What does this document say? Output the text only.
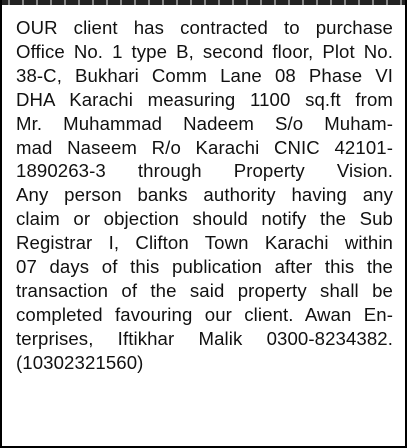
OUR client has contracted to purchase
Office No. 1 type B, second floor, Plot No.
38-C, Bukhari Comm Lane 08 Phase VI
DHA Karachi measuring 1100 sq.ft from
Mr. Muhammad Nadeem S/o Muham-
mad Naseem R/o Karachi CNIC 42101-
1890263-3 through Property Vision.
Any person banks authority having any
claim or objection should notify the Sub
Registrar I, Clifton Town Karachi within
07 days of this publication after this the
transaction of the said property shall be
completed favouring our client. Awan En-
terprises, Iftikhar Malik 0300-8234382.
(10302321560)
